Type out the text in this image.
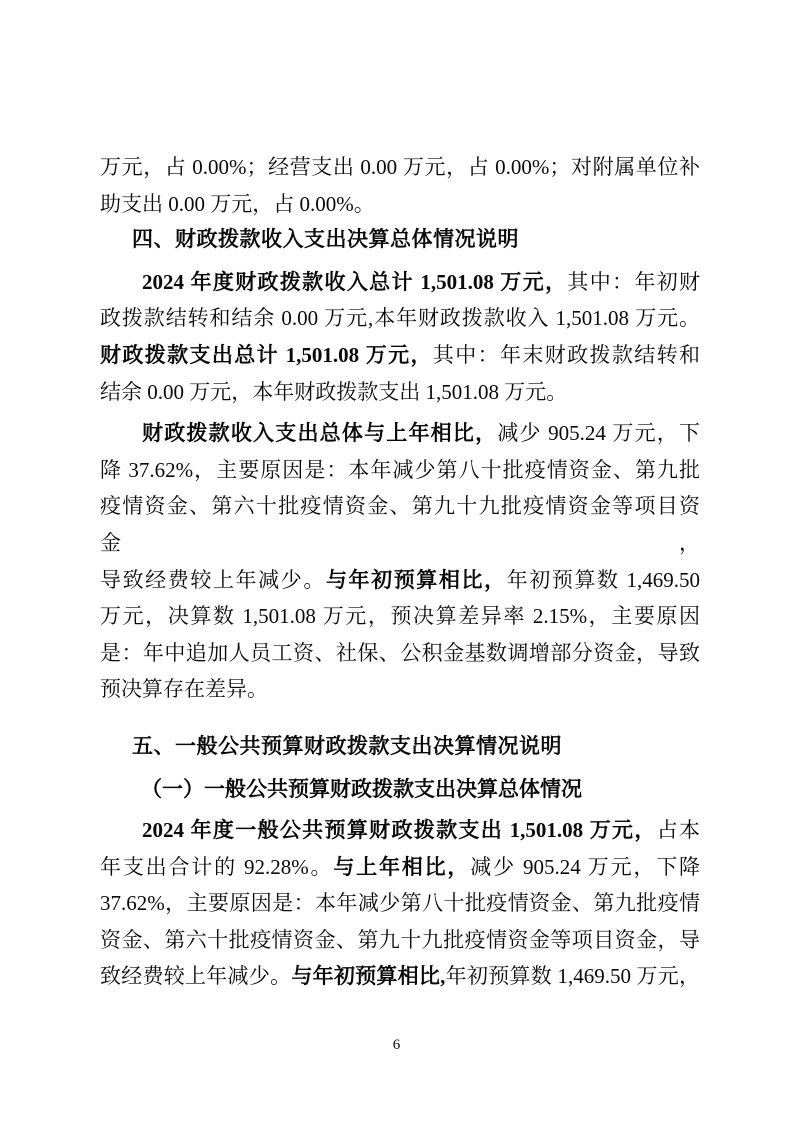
万元，占 0.00%；经营支出 0.00 万元，占 0.00%；对附属单位补
助支出 0.00 万元，占 0.00%。
四、财政拨款收入支出决算总体情况说明
2024 年度财政拨款收入总计 1,501.08 万元，其中：年初财
政拨款结转和结余 0.00 万元,本年财政拨款收入 1,501.08 万元。
财政拨款支出总计 1,501.08 万元，其中：年末财政拨款结转和
结余 0.00 万元，本年财政拨款支出 1,501.08 万元。
财政拨款收入支出总体与上年相比，减少 905.24 万元，下
降 37.62%，主要原因是：本年减少第八十批疫情资金、第九批
疫情资金、第六十批疫情资金、第九十九批疫情资金等项目资金，
导致经费较上年减少。与年初预算相比，年初预算数 1,469.50
万元，决算数 1,501.08 万元，预决算差异率 2.15%，主要原因
是：年中追加人员工资、社保、公积金基数调增部分资金，导致
预决算存在差异。
五、一般公共预算财政拨款支出决算情况说明
（一）一般公共预算财政拨款支出决算总体情况
2024 年度一般公共预算财政拨款支出 1,501.08 万元，占本
年支出合计的 92.28%。与上年相比，减少 905.24 万元，下降
37.62%，主要原因是：本年减少第八十批疫情资金、第九批疫情
资金、第六十批疫情资金、第九十九批疫情资金等项目资金，导
致经费较上年减少。与年初预算相比,年初预算数 1,469.50 万元，
6
